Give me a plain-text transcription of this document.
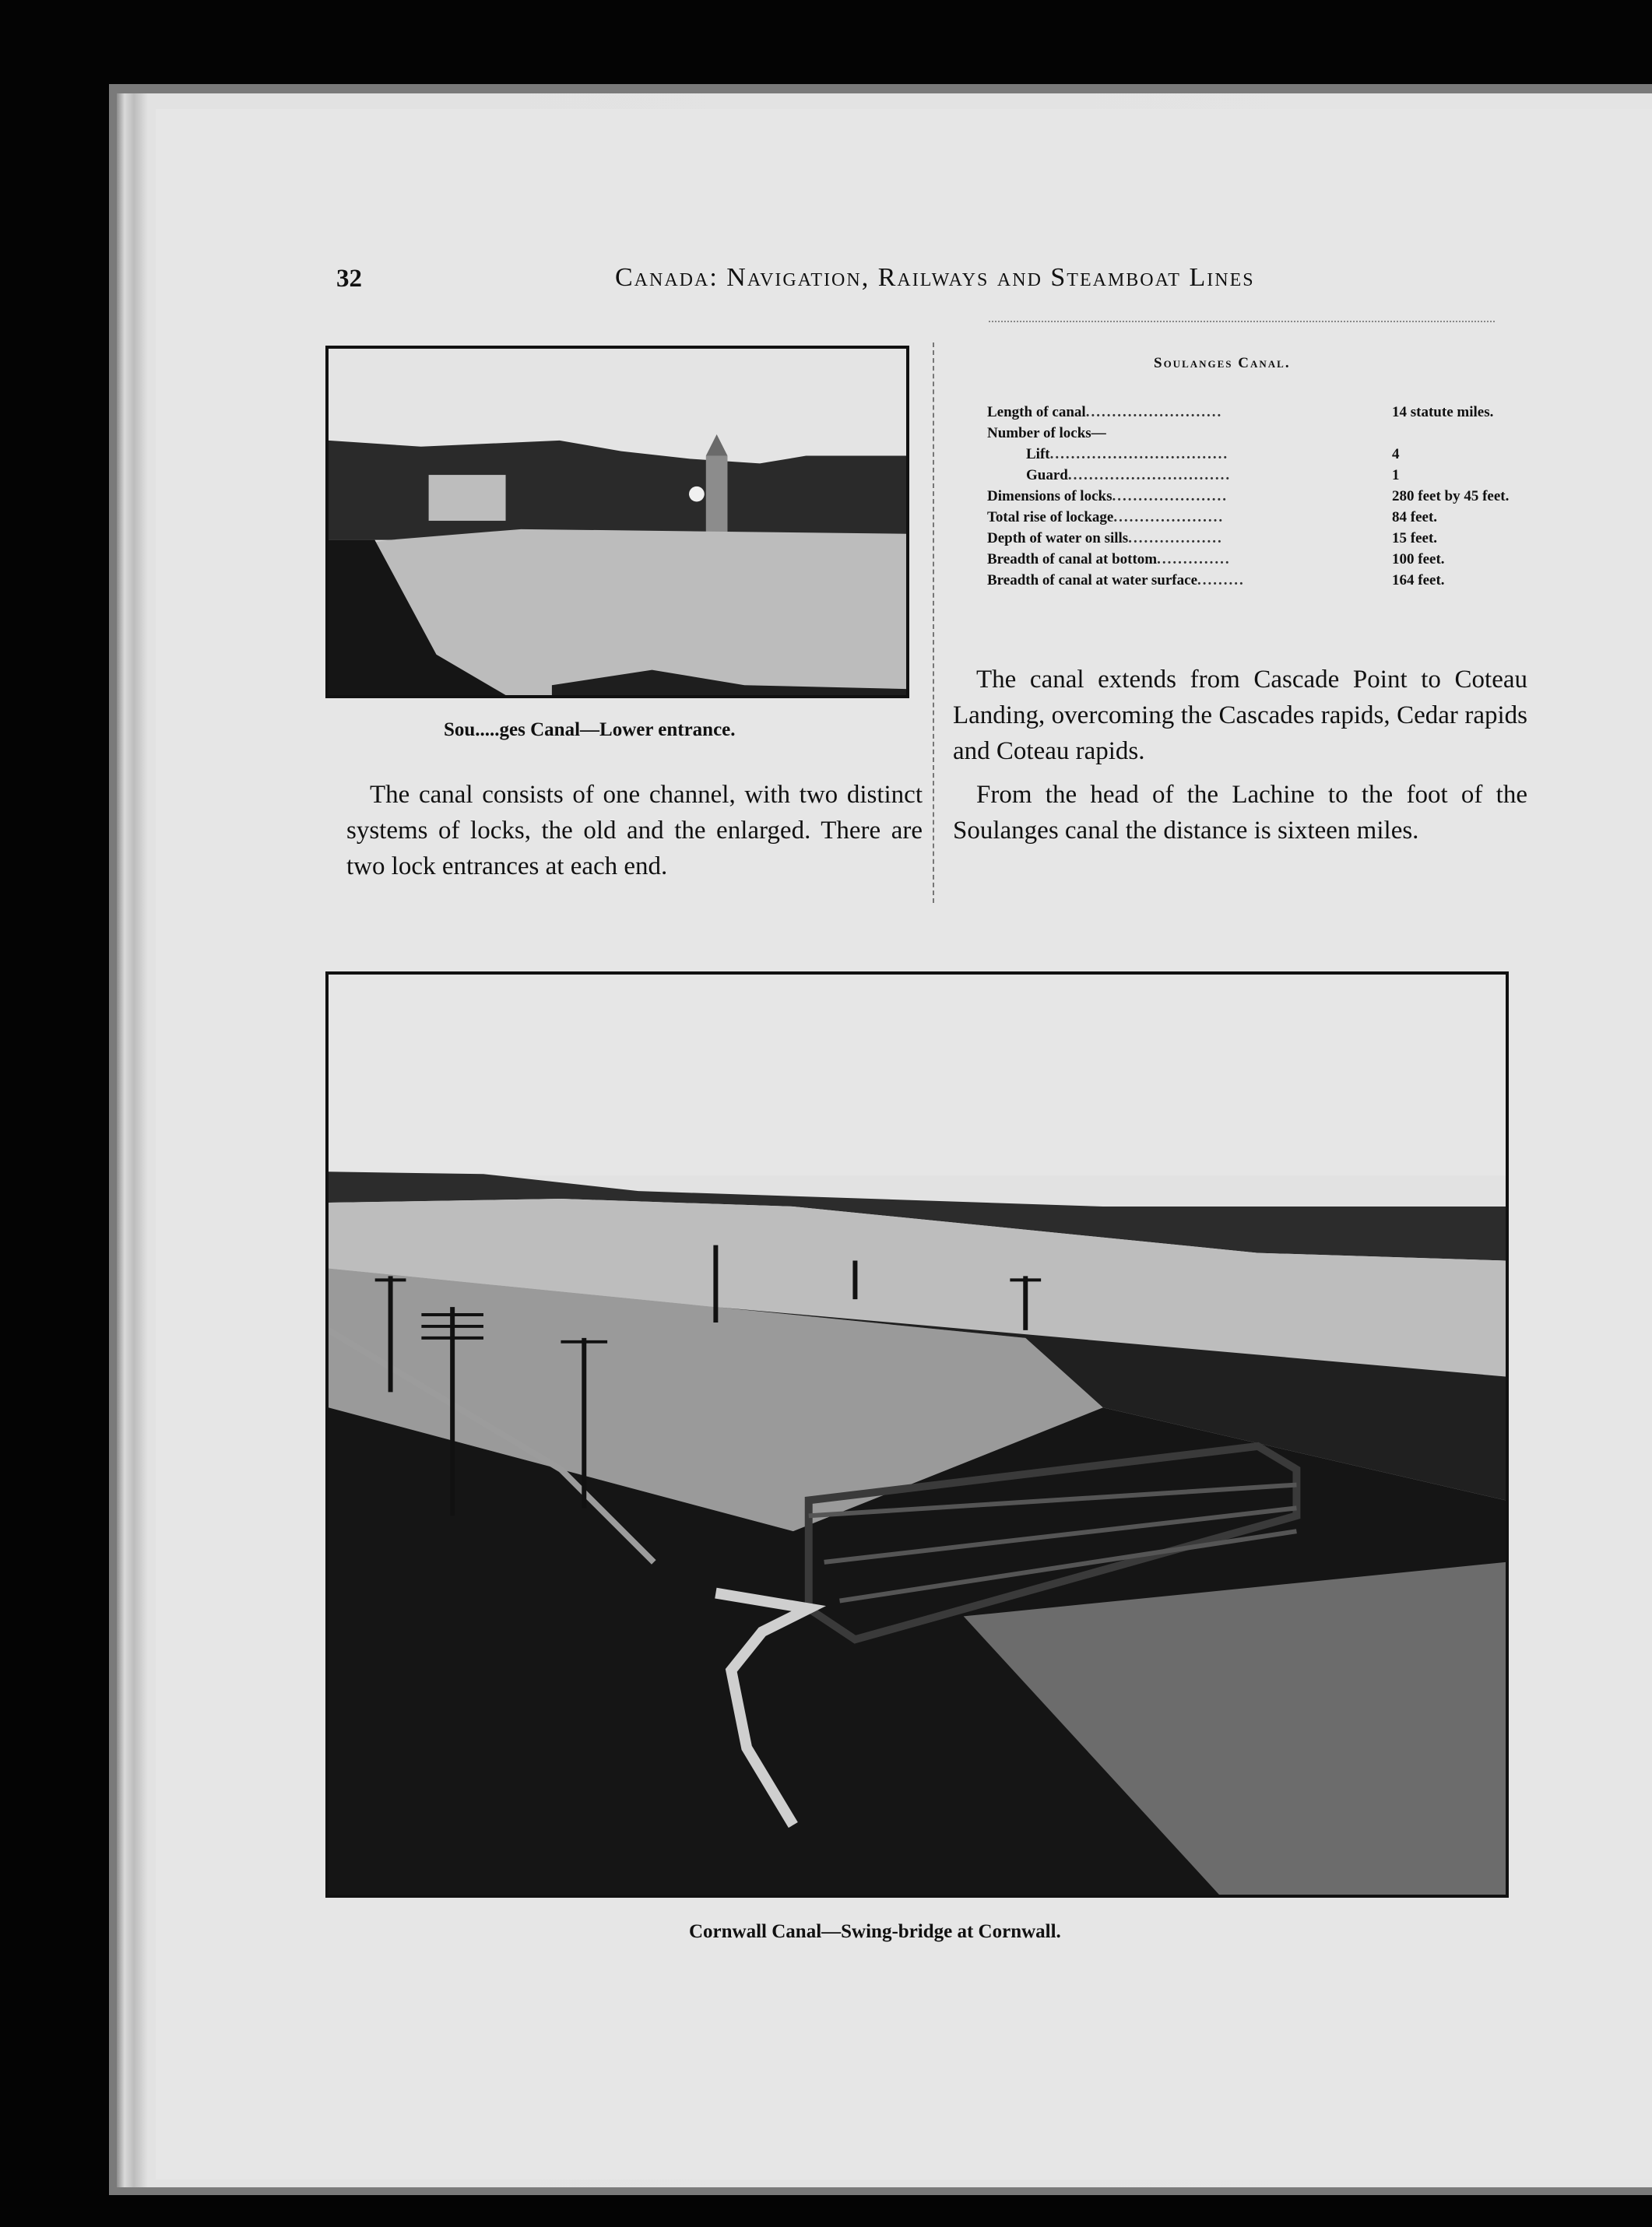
32	Canada: Navigation, Railways and Steamboat Lines
Sou.....ges Canal—Lower entrance.
Soulanges Canal.
Length of canal..........................	14 statute miles.
Number of locks—	
Lift..................................	4
Guard...............................	1
Dimensions of locks......................	280 feet by 45 feet.
Total rise of lockage.....................	84 feet.
Depth of water on sills..................	15 feet.
Breadth of canal at bottom..............	100 feet.
Breadth of canal at water surface.........	164 feet.

The canal extends from Cascade Point to Coteau Landing, overcoming the Cascades rapids, Cedar rapids and Coteau rapids.

From the head of the Lachine to the foot of the Soulanges canal the distance is sixteen miles.

The canal consists of one channel, with two distinct systems of locks, the old and the enlarged. There are two lock entrances at each end.

Cornwall Canal—Swing-bridge at Cornwall.
